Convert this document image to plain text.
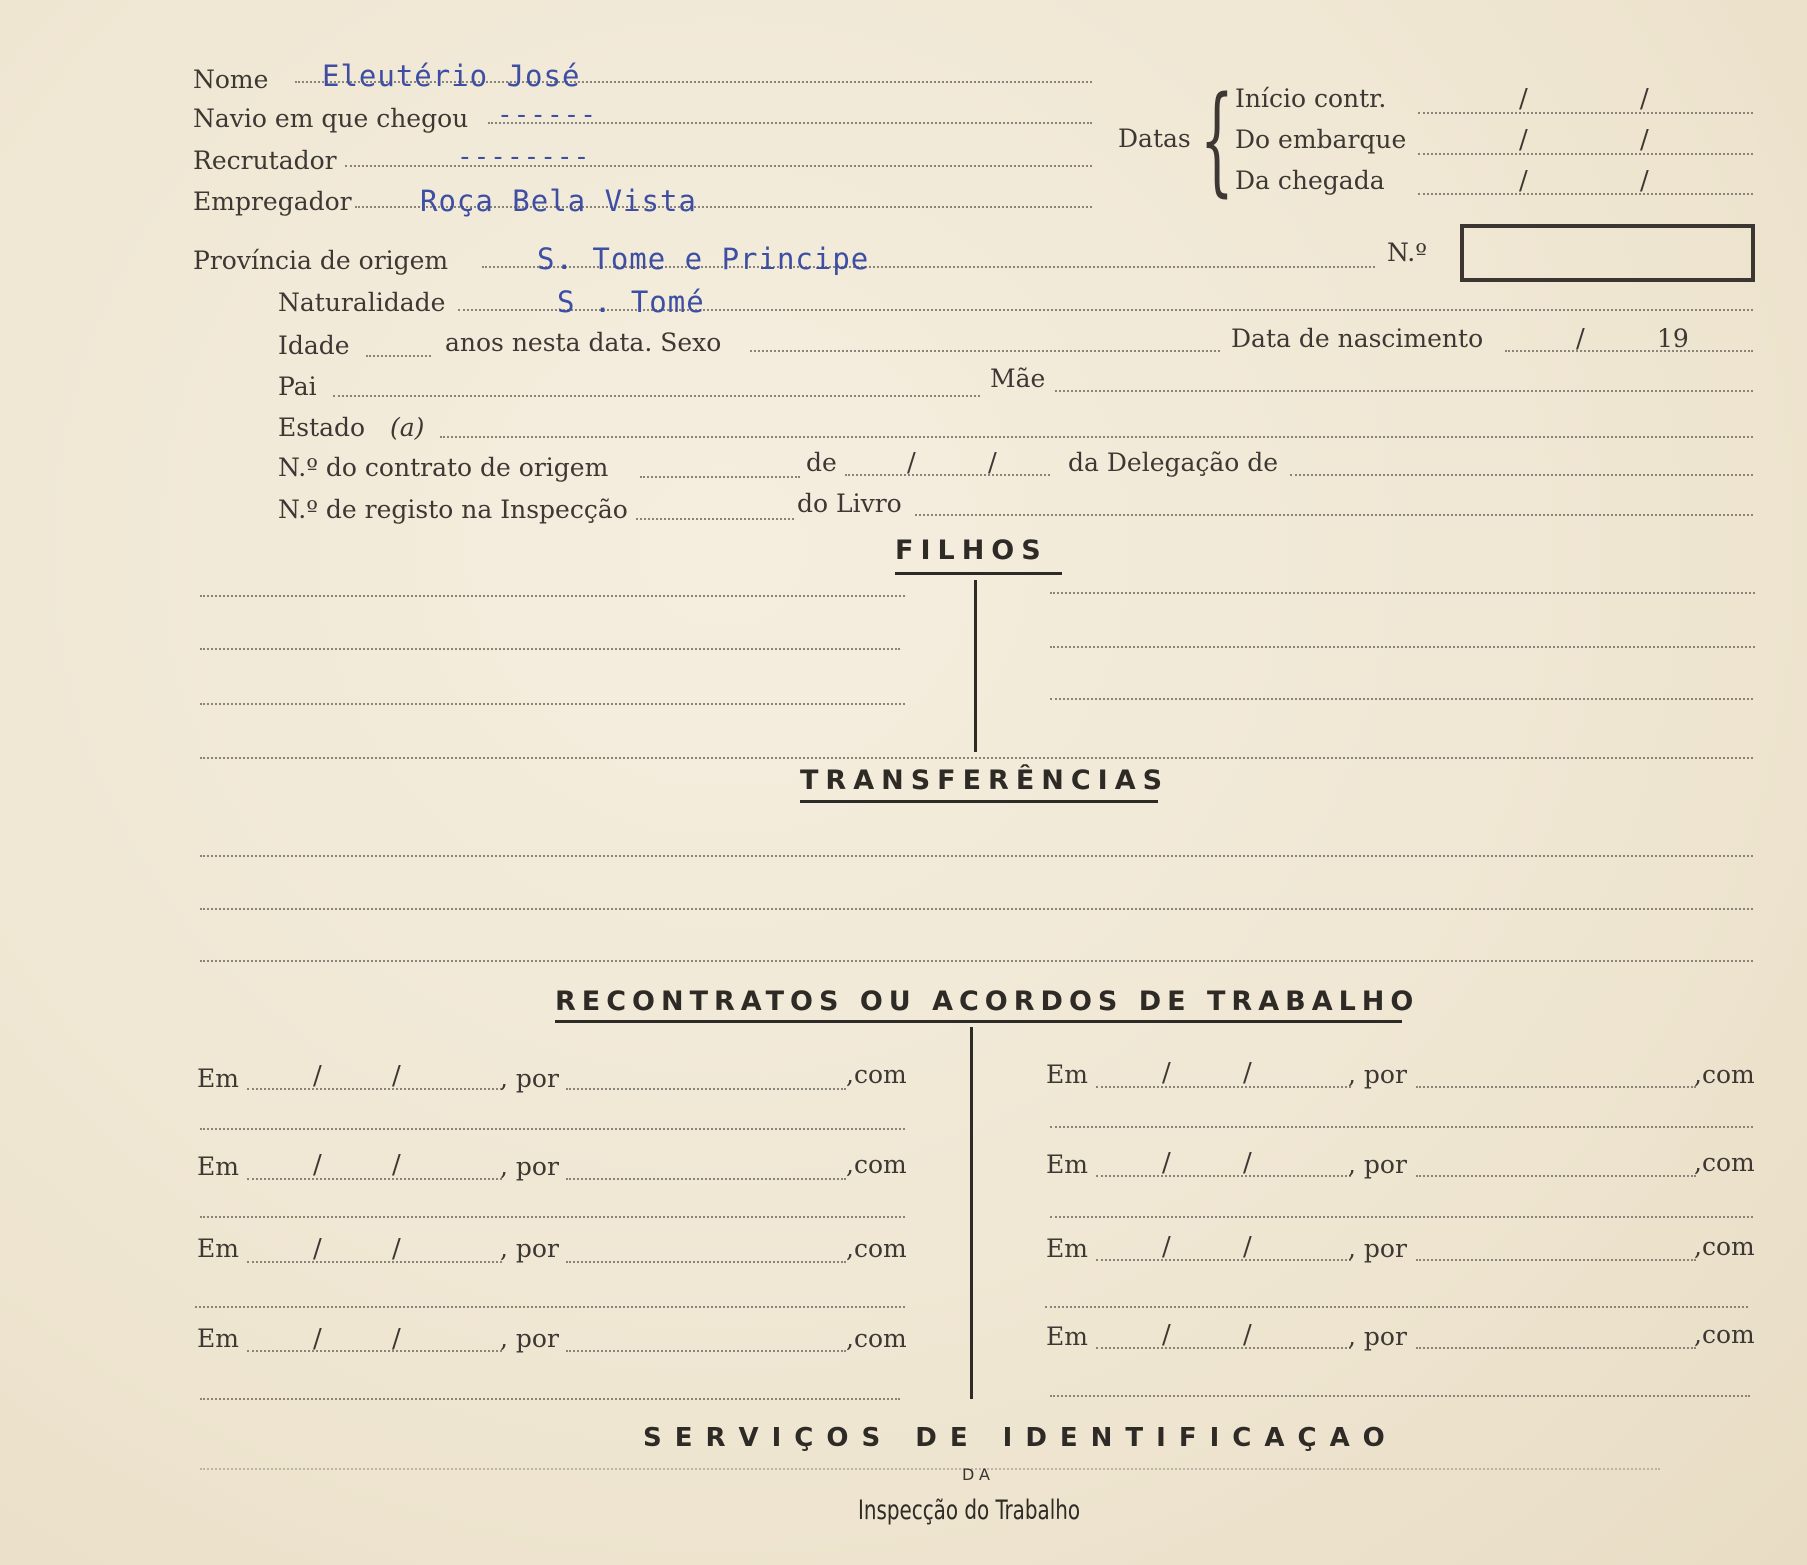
Nome Eleutério José
Navio em que chegou ------
Recrutador	--------
Empregador Roça Bela Vista
Datas { Início contr.	/	/
Do embarque	/	/
Da chegada	/	/
Província de origem	S. Tome e Principe	N.º
Naturalidade	S . Tomé
Idade	anos nesta data. Sexo	Data de nascimento	/	19
Pai	Mãe
Estado (a)
N.º do contrato de origem	de	/	/	da Delegação de
N.º de registo na Inspecção	do Livro
FILHOS
TRANSFERÊNCIAS
RECONTRATOS OU ACORDOS DE TRABALHO
Em	/	/	, por	,com
Em	/	/	, por	,com
Em	/	/	, por	,com
Em	/	/	, por	,com
Em	/	/	, por	,com
Em	/	/	, por	,com
Em	/	/	, por	,com
Em	/	/	, por	,com
SERVIÇOS DE IDENTIFICAÇAO
DA
Inspecção do Trabalho
